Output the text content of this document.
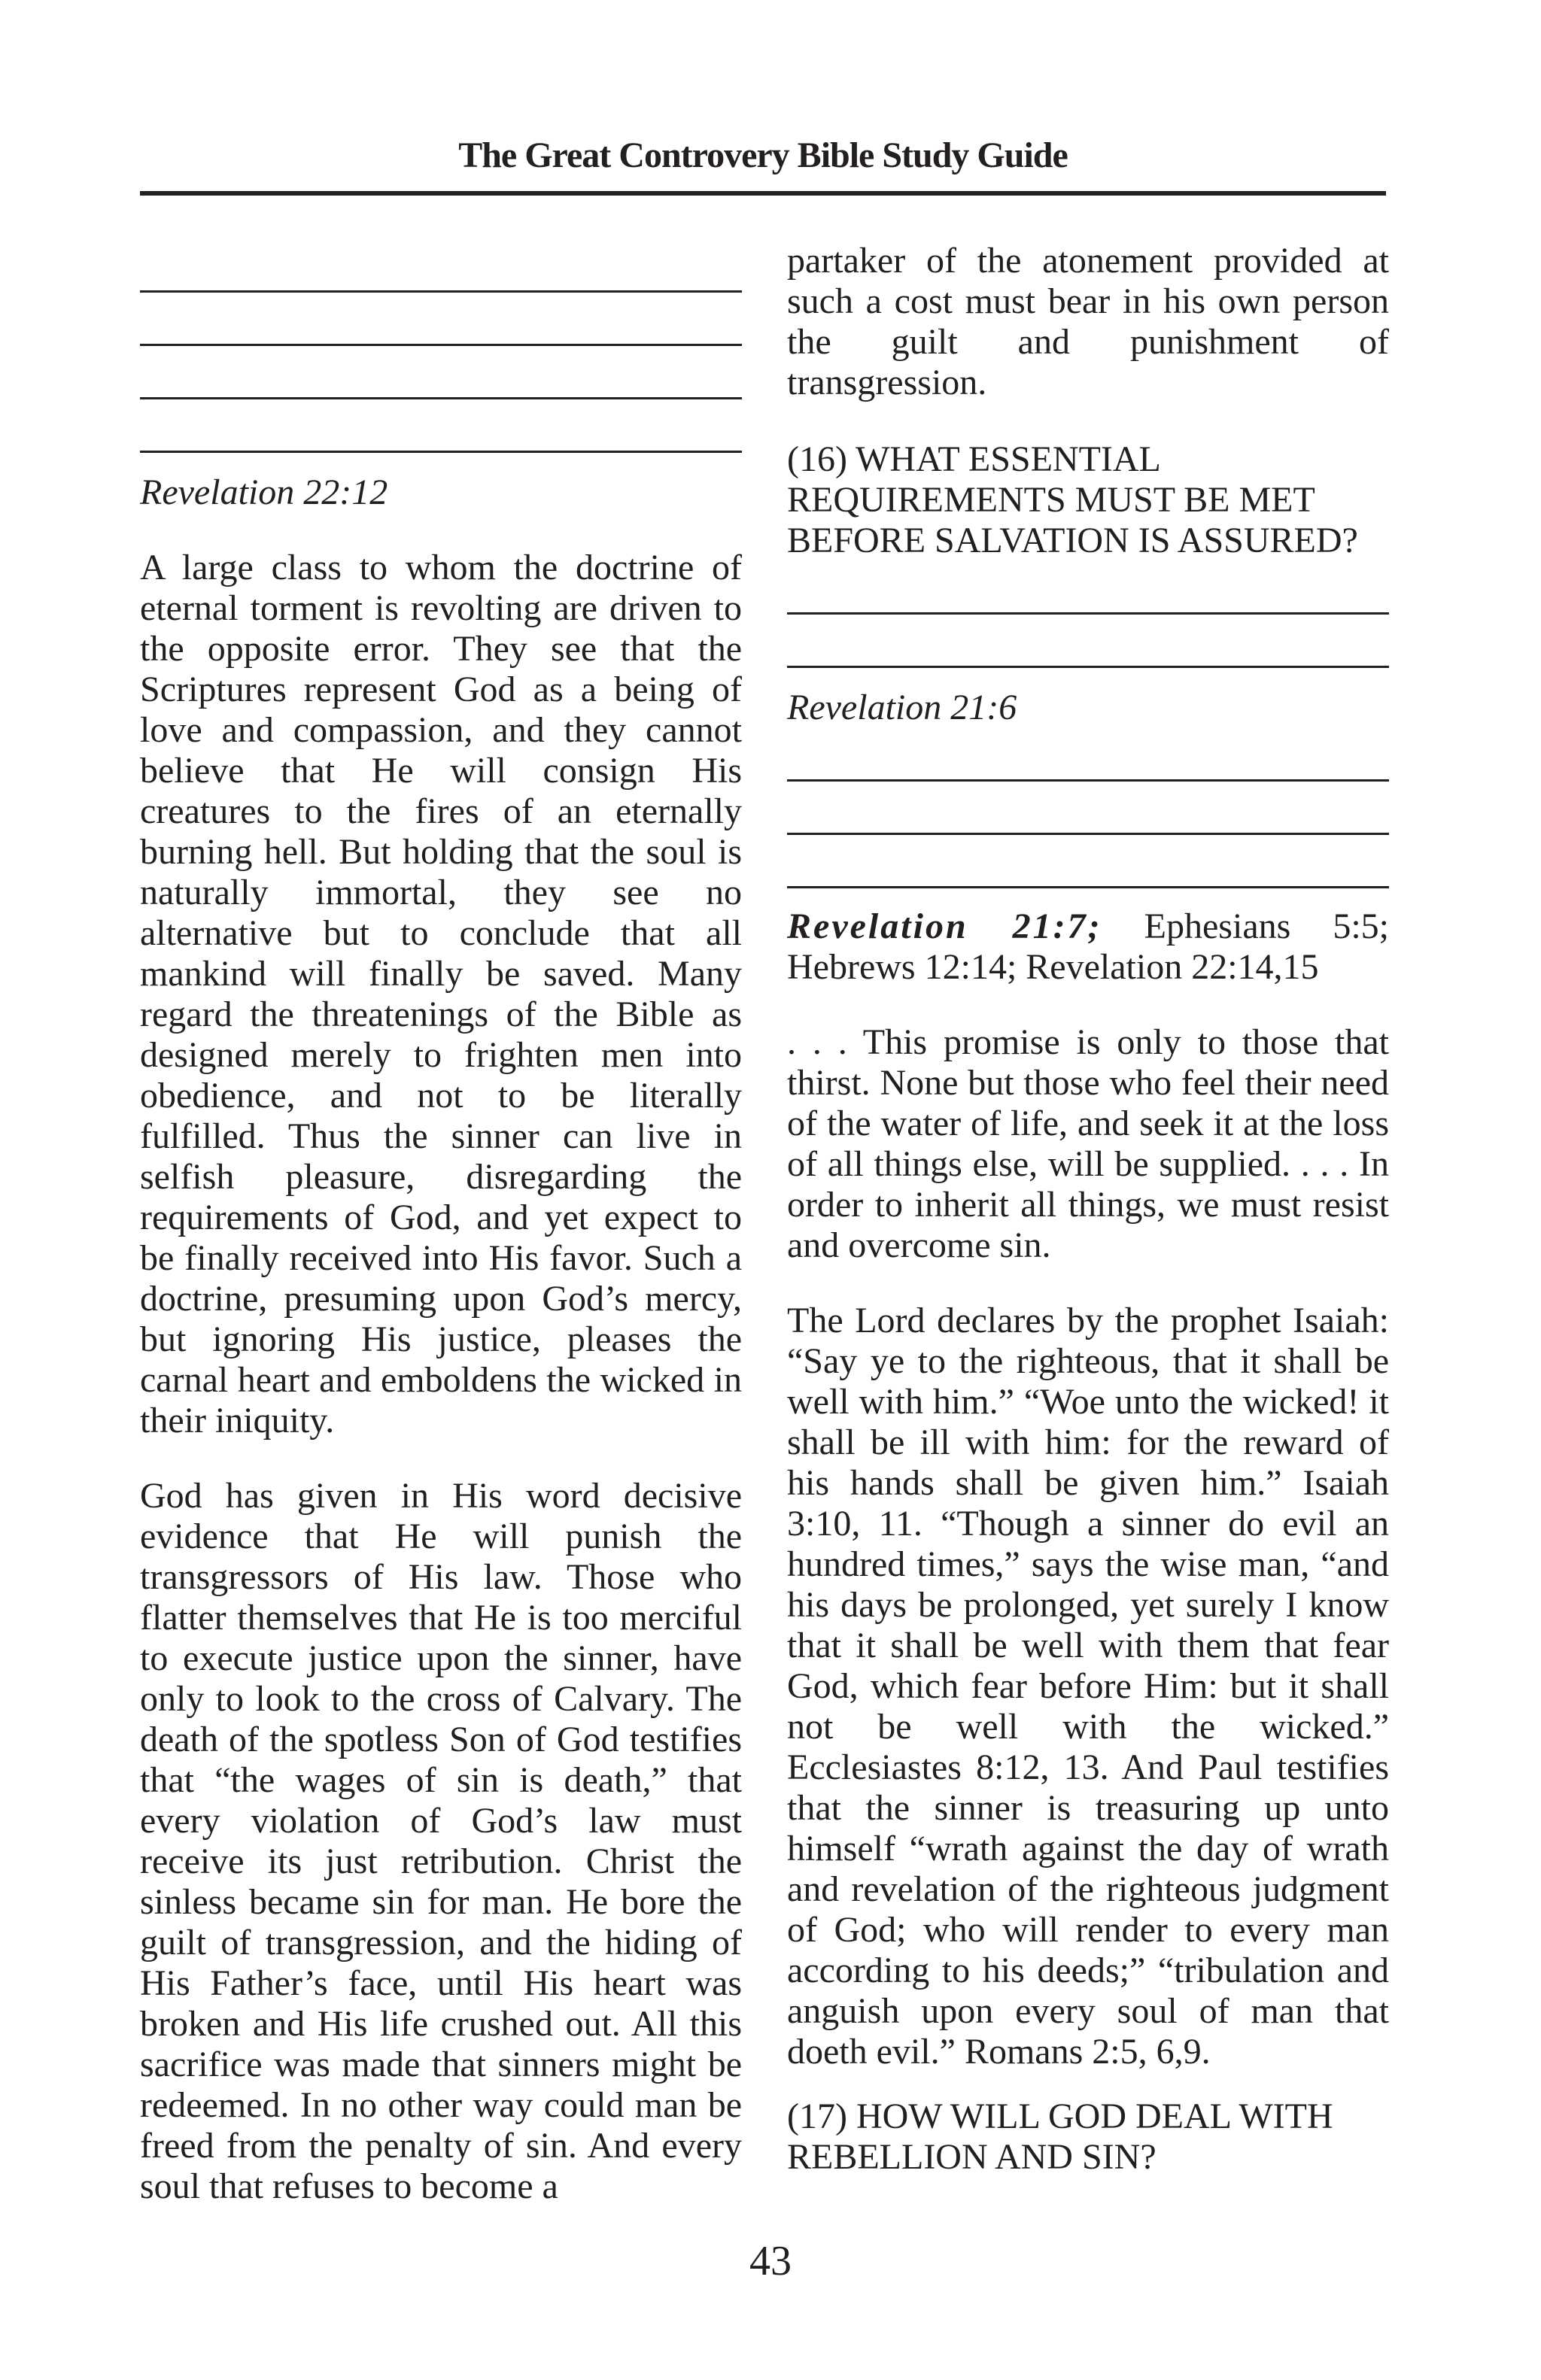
The Great Controvery Bible Study Guide
Revelation 22:12
A large class to whom the doctrine of eternal torment is revolting are driven to the opposite error. They see that the Scriptures represent God as a being of love and compassion, and they cannot believe that He will consign His creatures to the fires of an eternally burning hell. But holding that the soul is naturally immortal, they see no alternative but to conclude that all mankind will finally be saved. Many regard the threatenings of the Bible as designed merely to frighten men into obedience, and not to be literally fulfilled. Thus the sinner can live in selfish pleasure, disregarding the requirements of God, and yet expect to be finally received into His favor. Such a doctrine, presuming upon God’s mercy, but ignoring His justice, pleases the carnal heart and emboldens the wicked in their iniquity.
God has given in His word decisive evidence that He will punish the transgressors of His law. Those who flatter themselves that He is too merciful to execute justice upon the sinner, have only to look to the cross of Calvary. The death of the spotless Son of God testifies that “the wages of sin is death,” that every violation of God’s law must receive its just retribution. Christ the sinless became sin for man. He bore the guilt of transgression, and the hiding of His Father’s face, until His heart was broken and His life crushed out. All this sacrifice was made that sinners might be redeemed. In no other way could man be freed from the penalty of sin. And every soul that refuses to become a
partaker of the atonement provided at such a cost must bear in his own person the guilt and punishment of transgression.
(16) WHAT ESSENTIAL REQUIREMENTS MUST BE MET BEFORE SALVATION IS ASSURED?
Revelation 21:6
Revelation 21:7; Ephesians 5:5; Hebrews 12:14; Revelation 22:14,15
. . . This promise is only to those that thirst. None but those who feel their need of the water of life, and seek it at the loss of all things else, will be supplied. . . . In order to inherit all things, we must resist and overcome sin.
The Lord declares by the prophet Isaiah: “Say ye to the righteous, that it shall be well with him.” “Woe unto the wicked! it shall be ill with him: for the reward of his hands shall be given him.” Isaiah 3:10, 11. “Though a sinner do evil an hundred times,” says the wise man, “and his days be prolonged, yet surely I know that it shall be well with them that fear God, which fear before Him: but it shall not be well with the wicked.” Ecclesiastes 8:12, 13. And Paul testifies that the sinner is treasuring up unto himself “wrath against the day of wrath and revelation of the righteous judgment of God; who will render to every man according to his deeds;” “tribulation and anguish upon every soul of man that doeth evil.” Romans 2:5, 6,9.
(17) HOW WILL GOD DEAL WITH REBELLION AND SIN?
43
